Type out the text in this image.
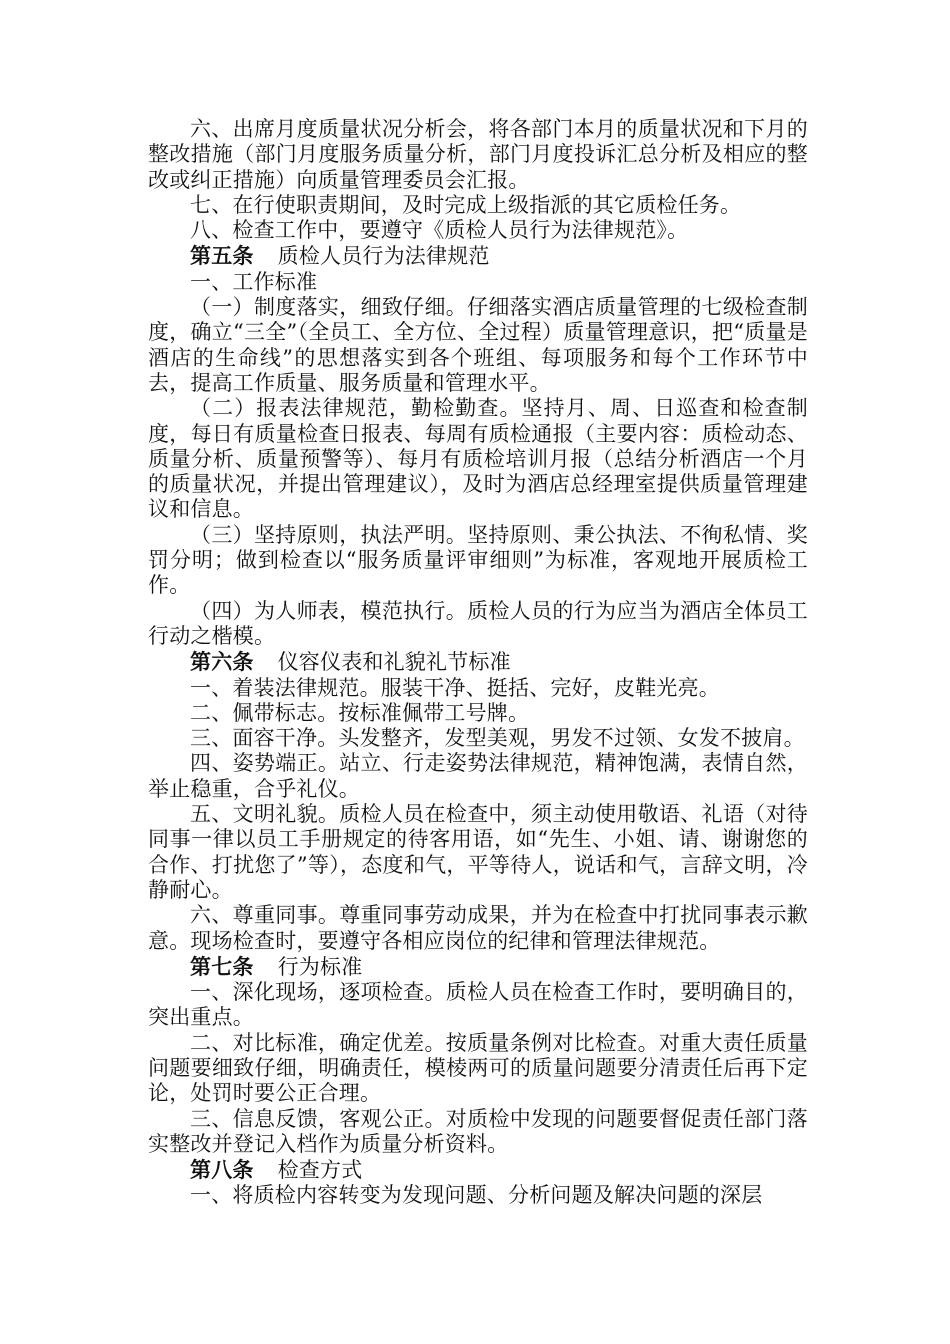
六、出席月度质量状况分析会，将各部门本月的质量状况和下月的整改措施（部门月度服务质量分析，部门月度投诉汇总分析及相应的整改或纠正措施）向质量管理委员会汇报。

七、在行使职责期间，及时完成上级指派的其它质检任务。

八、检查工作中，要遵守《质检人员行为法律规范》。

第五条 质检人员行为法律规范

一、工作标准

（一）制度落实，细致仔细。仔细落实酒店质量管理的七级检查制度，确立“三全”（全员工、全方位、全过程）质量管理意识，把“质量是酒店的生命线”的思想落实到各个班组、每项服务和每个工作环节中去，提高工作质量、服务质量和管理水平。

（二）报表法律规范，勤检勤查。坚持月、周、日巡查和检查制度，每日有质量检查日报表、每周有质检通报（主要内容：质检动态、质量分析、质量预警等）、每月有质检培训月报（总结分析酒店一个月的质量状况，并提出管理建议），及时为酒店总经理室提供质量管理建议和信息。

（三）坚持原则，执法严明。坚持原则、秉公执法、不徇私情、奖罚分明；做到检查以“服务质量评审细则”为标准，客观地开展质检工作。

（四）为人师表，模范执行。质检人员的行为应当为酒店全体员工行动之楷模。

第六条 仪容仪表和礼貌礼节标准

一、着装法律规范。服装干净、挺括、完好，皮鞋光亮。

二、佩带标志。按标准佩带工号牌。

三、面容干净。头发整齐，发型美观，男发不过领、女发不披肩。

四、姿势端正。站立、行走姿势法律规范，精神饱满，表情自然，举止稳重，合乎礼仪。

五、文明礼貌。质检人员在检查中，须主动使用敬语、礼语（对待同事一律以员工手册规定的待客用语，如“先生、小姐、请、谢谢您的合作、打扰您了”等），态度和气，平等待人，说话和气，言辞文明，冷静耐心。

六、尊重同事。尊重同事劳动成果，并为在检查中打扰同事表示歉意。现场检查时，要遵守各相应岗位的纪律和管理法律规范。

第七条 行为标准

一、深化现场，逐项检查。质检人员在检查工作时，要明确目的，突出重点。

二、对比标准，确定优差。按质量条例对比检查。对重大责任质量问题要细致仔细，明确责任，模棱两可的质量问题要分清责任后再下定论，处罚时要公正合理。

三、信息反馈，客观公正。对质检中发现的问题要督促责任部门落实整改并登记入档作为质量分析资料。

第八条 检查方式

一、将质检内容转变为发现问题、分析问题及解决问题的深层
